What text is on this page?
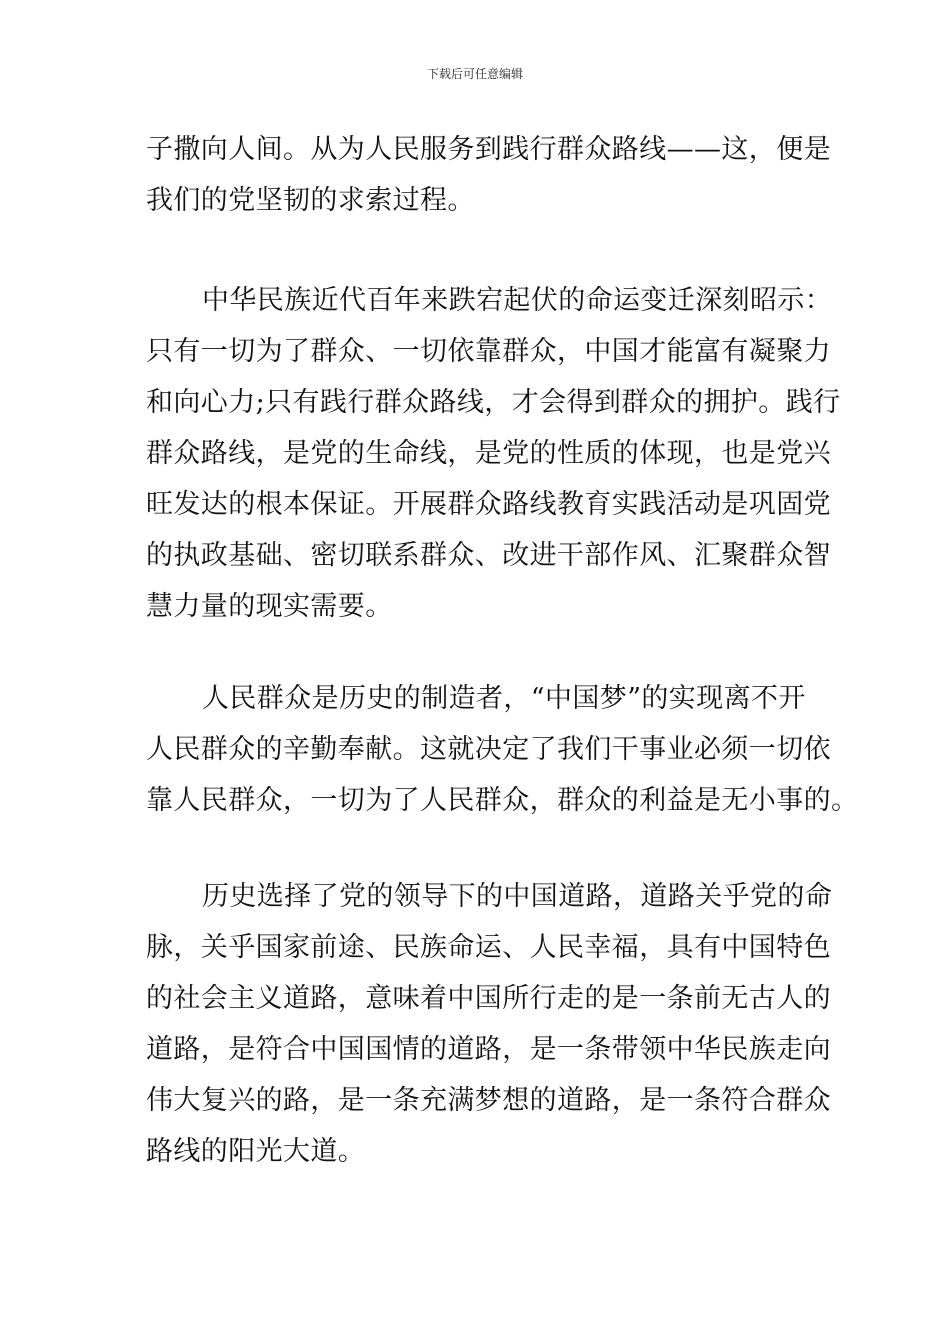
下载后可任意编辑
子撒向人间。从为人民服务到践行群众路线——这，便是
我们的党坚韧的求索过程。
中华民族近代百年来跌宕起伏的命运变迁深刻昭示：
只有一切为了群众、一切依靠群众，中国才能富有凝聚力
和向心力;只有践行群众路线，才会得到群众的拥护。践行
群众路线，是党的生命线，是党的性质的体现，也是党兴
旺发达的根本保证。开展群众路线教育实践活动是巩固党
的执政基础、密切联系群众、改进干部作风、汇聚群众智
慧力量的现实需要。
人民群众是历史的制造者，“中国梦”的实现离不开
人民群众的辛勤奉献。这就决定了我们干事业必须一切依
靠人民群众，一切为了人民群众，群众的利益是无小事的。
历史选择了党的领导下的中国道路，道路关乎党的命
脉，关乎国家前途、民族命运、人民幸福，具有中国特色
的社会主义道路，意味着中国所行走的是一条前无古人的
道路，是符合中国国情的道路，是一条带领中华民族走向
伟大复兴的路，是一条充满梦想的道路，是一条符合群众
路线的阳光大道。
